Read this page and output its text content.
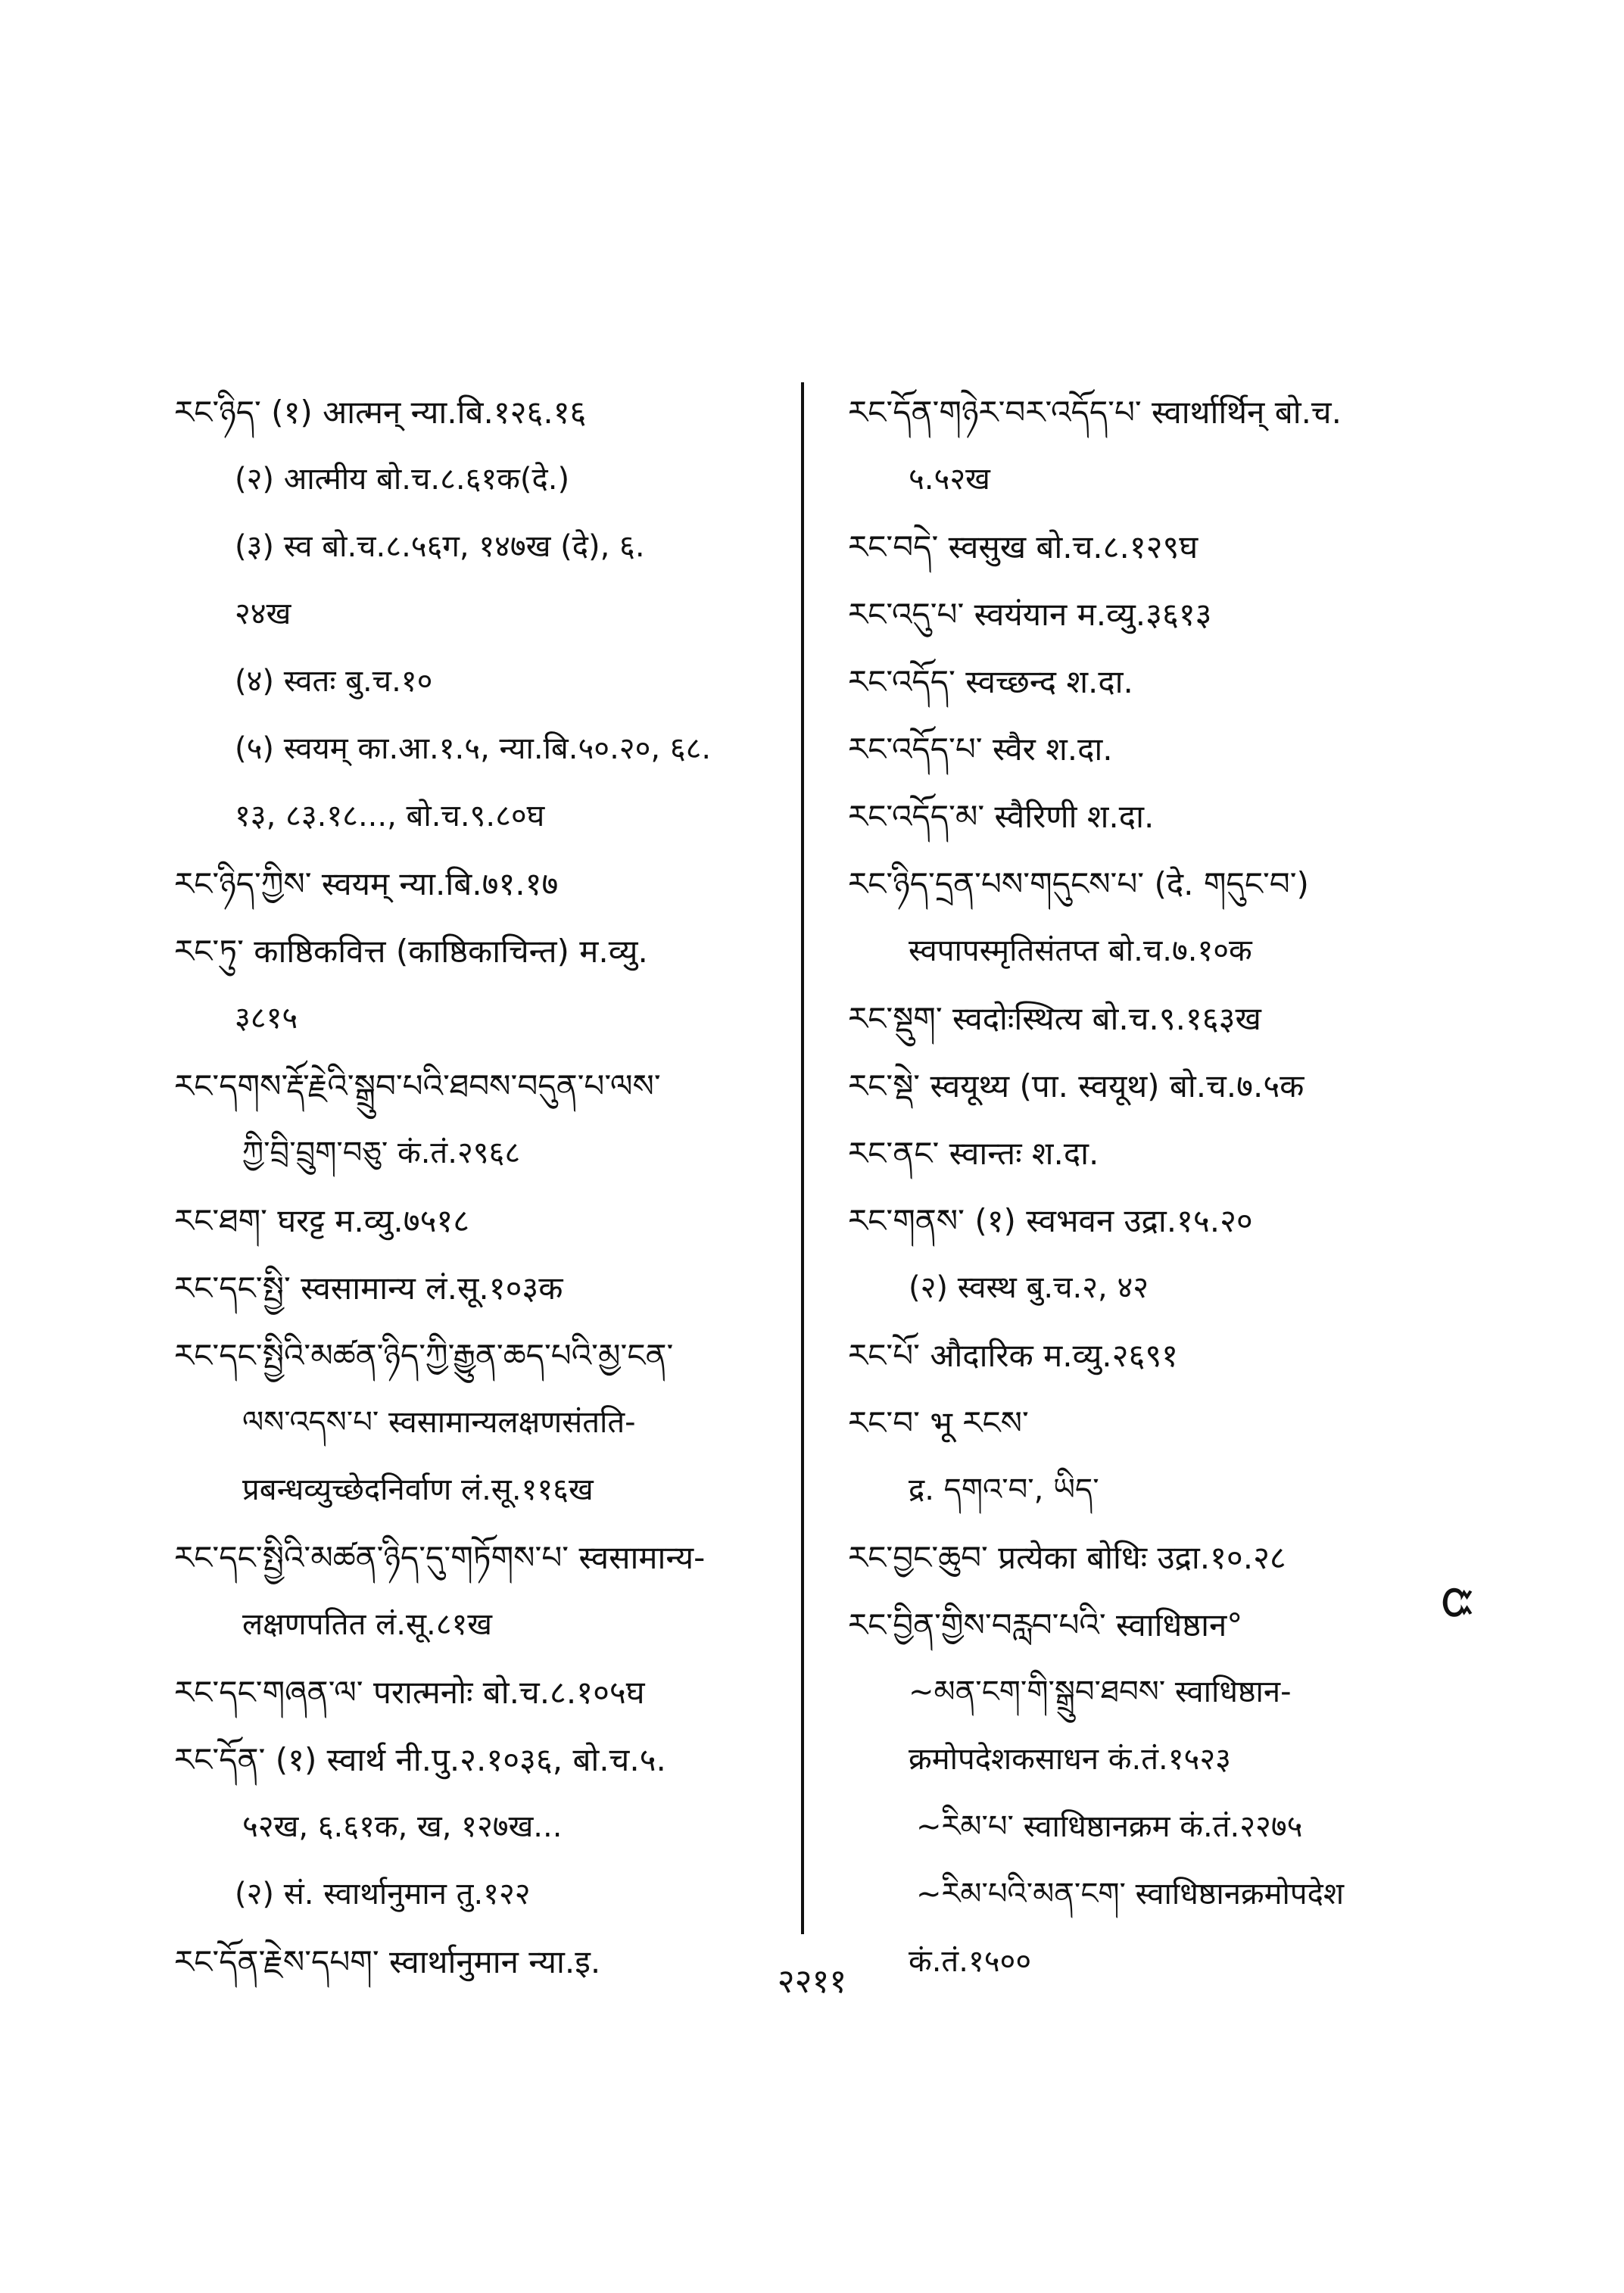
རང་ཉིད་ (१) आत्मन् न्या.बि.१२६.१६
(२) आत्मीय बो.च.८.६१क(दे.)
(३) स्व बो.च.८.५६ग, १४७ख (दे), ६.
२४ख
(४) स्वतः बु.च.१०
(५) स्वयम् का.आ.१.५, न्या.बि.५०.२०, ६८.
१३, ८३.१८..., बो.च.९.८०घ
རང་ཉིད་ཀྱིས་ स्वयम् न्या.बि.७१.१७
རང་ཏུ་ काष्ठिकवित्त (काष्ठिकाचिन्त) म.व्यु.
३८१५
རང་དགས་རྡོ་རྗེའི་སྒྲུབ་པའི་ཐབས་བདུན་པ་ལས་
ཀྱི་བྲི་བྲུག་བཅུ་ कं.तं.२९६८
རང་ཐག་ घरट्ट म.व्यु.७५१८
རང་དང་སྤྱི་ स्वसामान्य लं.सू.१०३क
རང་དང་སྤྱིའི་མཚན་ཉིད་ཀྱི་རྒྱུན་ཆད་པའི་མྱ་ངན་
ལས་འདས་པ་ स्वसामान्यलक्षणसंतति-
प्रबन्धव्युच्छेदनिर्वाण लं.सू.११६ख
རང་དང་སྤྱིའི་མཚན་ཉིད་དུ་གཏོགས་པ་ स्वसामान्य-
लक्षणपतित लं.सू.८१ख
རང་དང་གཞན་ལ་ परात्मनोः बो.च.८.१०५घ
རང་དོན་ (१) स्वार्थ नी.पु.२.१०३६, बो.च.५.
५२ख, ६.६१क, ख, १२७ख...
(२) सं. स्वार्थानुमान तु.१२२
རང་དོན་རྗེས་དཔག་ स्वार्थानुमान न्या.इ.
རང་དོན་གཉེར་བར་འདོད་པ་ स्वार्थार्थिन् बो.च.
५.५२ख
རང་བདེ་ स्वसुख बो.च.८.१२९घ
རང་འདུ་པ་ स्वयंयान म.व्यु.३६१३
རང་འདོད་ स्वच्छन्द श.दा.
རང་འདོད་པ་ स्वैर श.दा.
རང་འདོད་མ་ स्वैरिणी श.दा.
རང་ཉིད་དྲན་པས་གདུངས་པ་ (दे. གདུང་བ་)
स्वपापस्मृतिसंतप्त बो.च.७.१०क
རང་སྡུག་ स्वदोःस्थित्य बो.च.९.१६३ख
རང་སྡེ་ स्वयूथ्य (पा. स्वयूथ) बो.च.७.५क
རང་ནང་ स्वान्तः श.दा.
རང་གནས་ (१) स्वभवन उद्रा.१५.२०
(२) स्वस्थ बु.च.२, ४२
རང་པོ་ औदारिक म.व्यु.२६९१
རང་བ་ भू རངས་
द्र. དགའ་བ་, ཡིད་
རང་བྱང་ཆུབ་ प्रत्येका बोधिः उद्रा.१०.२८
རང་བྱིན་གྱིས་བརླབ་པའི་ स्वाधिष्ठान°
~མན་ངག་གི་སྒྲུབ་ཐབས་ स्वाधिष्ठान-
क्रमोपदेशकसाधन कं.तं.१५२३
~རིམ་པ་ स्वाधिष्ठानक्रम कं.तं.२२७५
~རིམ་པའི་མན་ངག་ स्वाधिष्ठानक्रमोपदेश
कं.तं.१५००
Ꮸ
२२११
